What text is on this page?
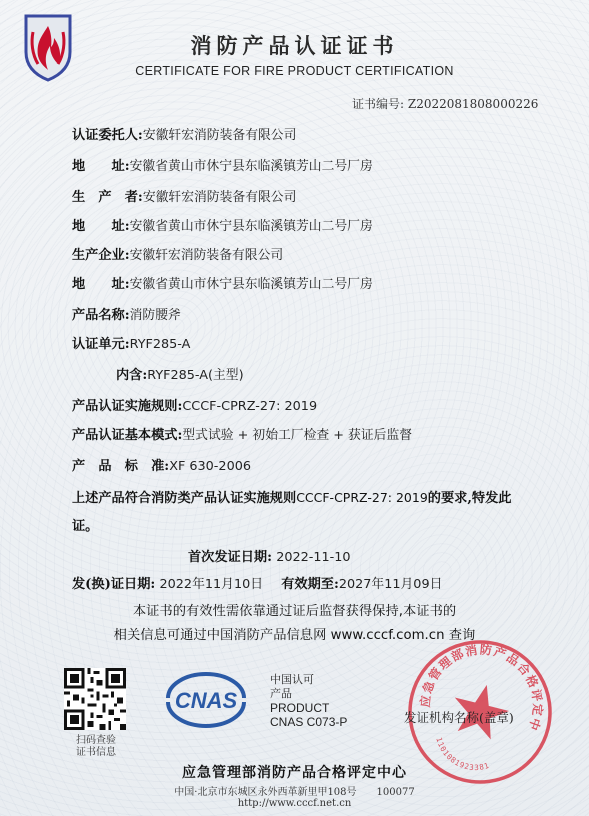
消防产品认证证书
CERTIFICATE FOR FIRE PRODUCT CERTIFICATION
证书编号: Z2022081808000226
认证委托人:安徽轩宏消防装备有限公司
地　　址:安徽省黄山市休宁县东临溪镇芳山二号厂房
生　产　者:安徽轩宏消防装备有限公司
地　　址:安徽省黄山市休宁县东临溪镇芳山二号厂房
生产企业:安徽轩宏消防装备有限公司
地　　址:安徽省黄山市休宁县东临溪镇芳山二号厂房
产品名称:消防腰斧
认证单元:RYF285-A
内含:RYF285-A(主型)
产品认证实施规则:CCCF-CPRZ-27: 2019
产品认证基本模式:型式试验 + 初始工厂检查 + 获证后监督
产　品　标　准:XF 630-2006
上述产品符合消防类产品认证实施规则CCCF-CPRZ-27: 2019的要求,特发此证。
首次发证日期: 2022-11-10
发(换)证日期: 2022年11月10日 有效期至:2027年11月09日
本证书的有效性需依靠通过证后监督获得保持,本证书的
相关信息可通过中国消防产品信息网 www.cccf.com.cn 查询
扫码查验
证书信息
CNAS
中国认可
产品
PRODUCT
CNAS C073-P
应急管理部消防产品合格评定中心
1101081923381
发证机构名称(盖章)
应急管理部消防产品合格评定中心
中国·北京市东城区永外西革新里甲108号　　100077
http://www.cccf.net.cn
